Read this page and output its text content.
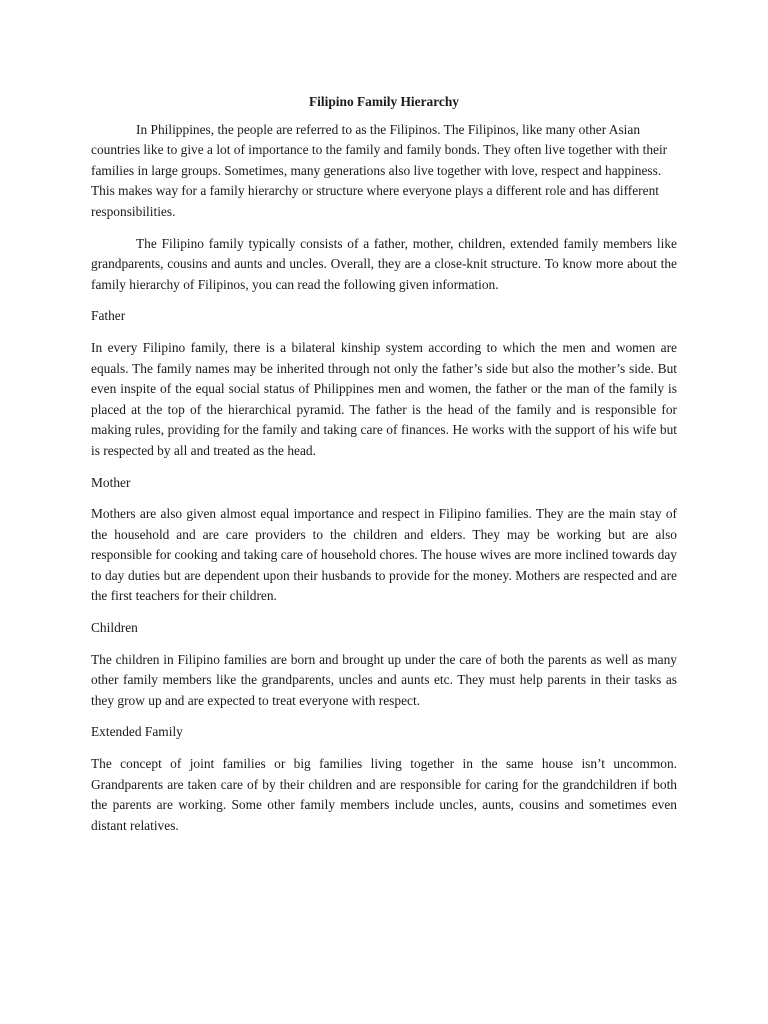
Filipino Family Hierarchy

In Philippines, the people are referred to as the Filipinos. The Filipinos, like many other Asian countries like to give a lot of importance to the family and family bonds. They often live together with their families in large groups. Sometimes, many generations also live together with love, respect and happiness. This makes way for a family hierarchy or structure where everyone plays a different role and has different responsibilities.

The Filipino family typically consists of a father, mother, children, extended family members like grandparents, cousins and aunts and uncles. Overall, they are a close-knit structure. To know more about the family hierarchy of Filipinos, you can read the following given information.

Father

In every Filipino family, there is a bilateral kinship system according to which the men and women are equals. The family names may be inherited through not only the father’s side but also the mother’s side. But even inspite of the equal social status of Philippines men and women, the father or the man of the family is placed at the top of the hierarchical pyramid. The father is the head of the family and is responsible for making rules, providing for the family and taking care of finances. He works with the support of his wife but is respected by all and treated as the head.

Mother

Mothers are also given almost equal importance and respect in Filipino families. They are the main stay of the household and are care providers to the children and elders. They may be working but are also responsible for cooking and taking care of household chores. The house wives are more inclined towards day to day duties but are dependent upon their husbands to provide for the money. Mothers are respected and are the first teachers for their children.

Children

The children in Filipino families are born and brought up under the care of both the parents as well as many other family members like the grandparents, uncles and aunts etc. They must help parents in their tasks as they grow up and are expected to treat everyone with respect.

Extended Family

The concept of joint families or big families living together in the same house isn’t uncommon. Grandparents are taken care of by their children and are responsible for caring for the grandchildren if both the parents are working. Some other family members include uncles, aunts, cousins and sometimes even distant relatives.
